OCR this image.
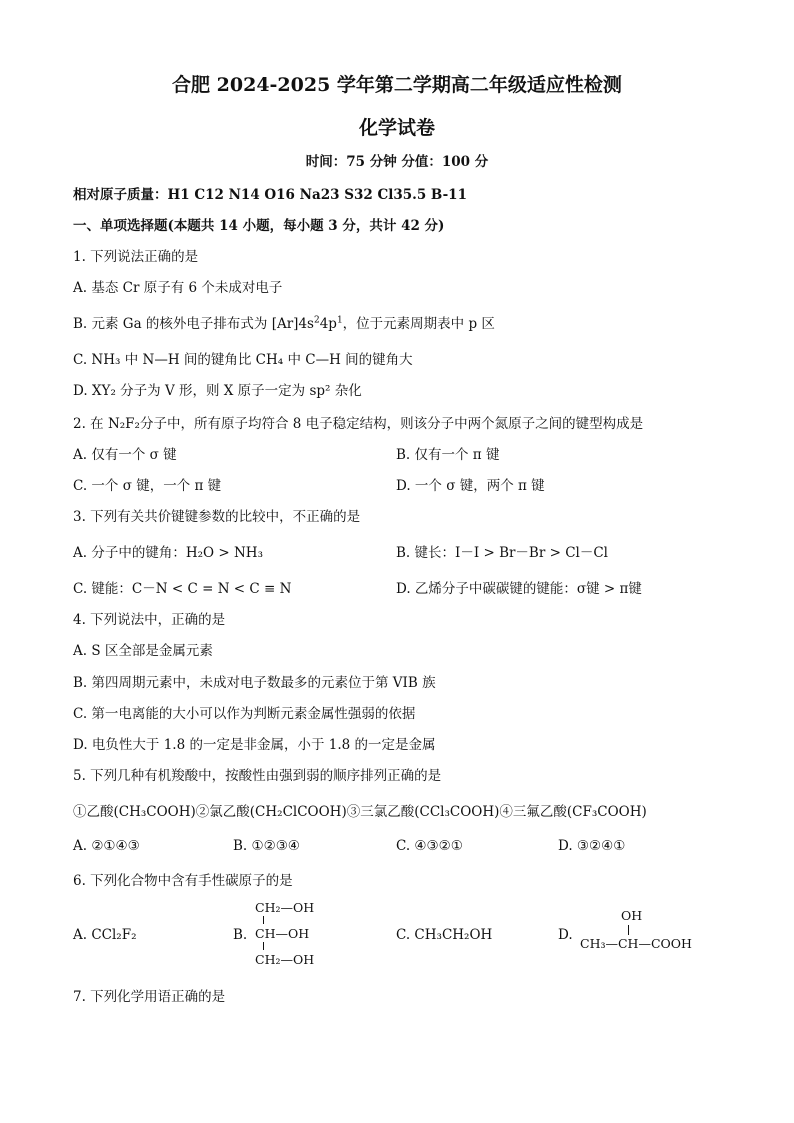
合肥 2024-2025 学年第二学期高二年级适应性检测
化学试卷
时间：75 分钟 分值：100 分
相对原子质量：H1 C12 N14 O16 Na23 S32 Cl35.5 B-11
一、单项选择题(本题共 14 小题，每小题 3 分，共计 42 分)
1. 下列说法正确的是
A. 基态 Cr 原子有 6 个未成对电子
B. 元素 Ga 的核外电子排布式为 $[Ar]4s^24p^1$，位于元素周期表中 p 区
C. NH₃ 中 N—H 间的键角比 CH₄ 中 C—H 间的键角大
D. XY₂ 分子为 V 形，则 X 原子一定为 sp² 杂化
2. 在 N₂F₂分子中，所有原子均符合 8 电子稳定结构，则该分子中两个氮原子之间的键型构成是
A. 仅有一个 σ 键	B. 仅有一个 π 键
C. 一个 σ 键，一个 π 键	D. 一个 σ 键，两个 π 键
3. 下列有关共价键键参数的比较中，不正确的是
A. 分子中的键角：H₂O > NH₃	B. 键长：I－I > Br－Br > Cl－Cl
C. 键能：C－N < C = N < C ≡ N	D. 乙烯分子中碳碳键的键能：σ键 > π键
4. 下列说法中，正确的是
A. S 区全部是金属元素
B. 第四周期元素中，未成对电子数最多的元素位于第 VIB 族
C. 第一电离能的大小可以作为判断元素金属性强弱的依据
D. 电负性大于 1.8 的一定是非金属，小于 1.8 的一定是金属
5. 下列几种有机羧酸中，按酸性由强到弱的顺序排列正确的是
①乙酸(CH₃COOH)②氯乙酸(CH₂ClCOOH)③三氯乙酸(CCl₃COOH)④三氟乙酸(CF₃COOH)
A. ②①④③	B. ①②③④	C. ④③②①	D. ③②④①
6. 下列化合物中含有手性碳原子的是
A. CCl₂F₂	B.
CH₂—OH
CH—OH
CH₂—OH
C. CH₃CH₂OH	D.
OH
CH₃—CH—COOH
7. 下列化学用语正确的是
